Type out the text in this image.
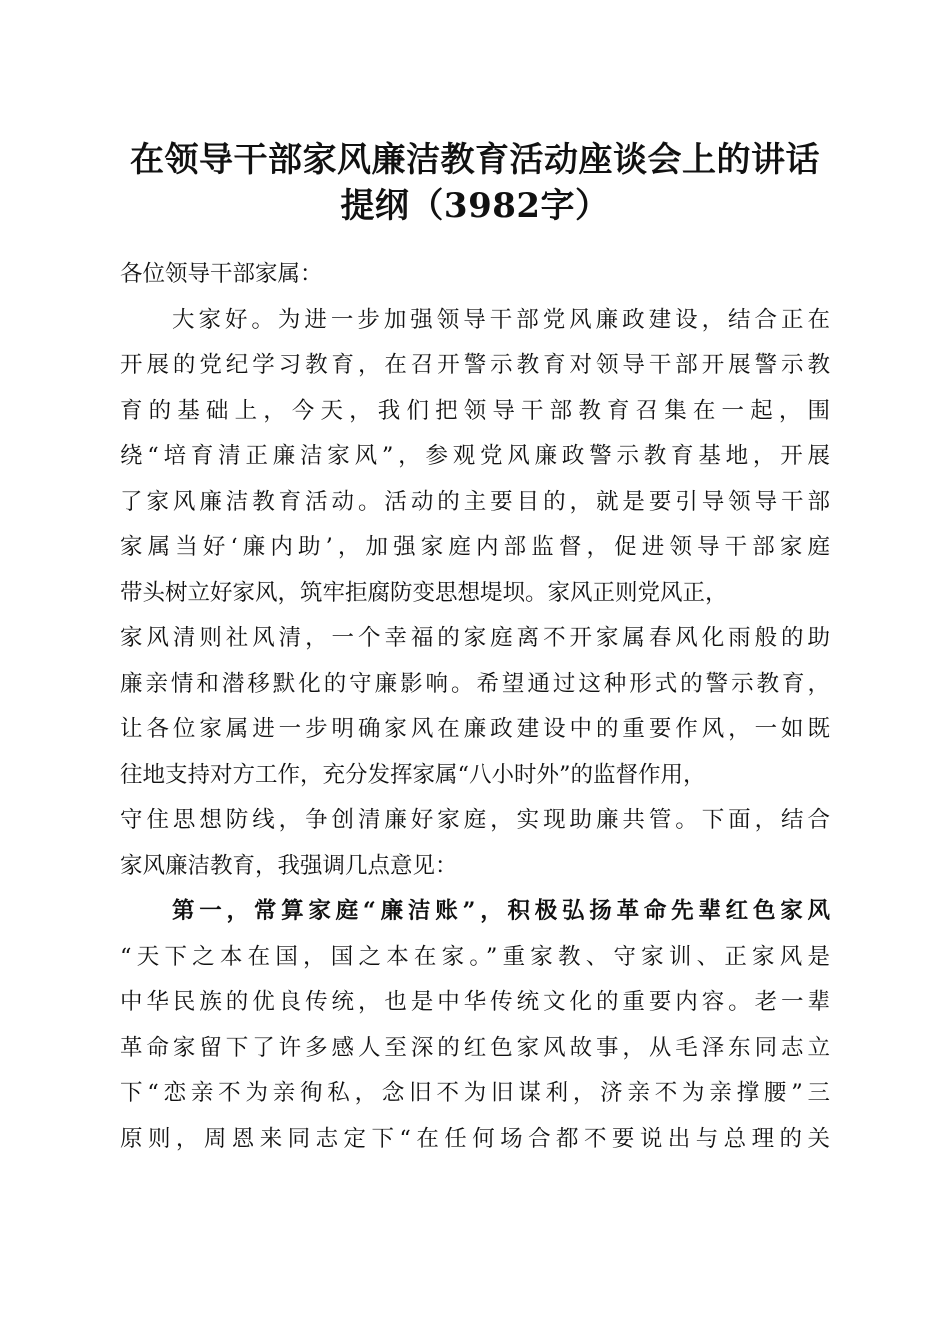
在领导干部家风廉洁教育活动座谈会上的讲话
提纲（3982字）
各位领导干部家属：
大家好。为进一步加强领导干部党风廉政建设，结合正在
开展的党纪学习教育，在召开警示教育对领导干部开展警示教
育的基础上，今天，我们把领导干部教育召集在一起，围
绕“培育清正廉洁家风”，参观党风廉政警示教育基地，开展
了家风廉洁教育活动。活动的主要目的，就是要引导领导干部
家属当好‘廉内助’，加强家庭内部监督，促进领导干部家庭
带头树立好家风，筑牢拒腐防变思想堤坝。家风正则党风正，
家风清则社风清，一个幸福的家庭离不开家属春风化雨般的助
廉亲情和潜移默化的守廉影响。希望通过这种形式的警示教育，
让各位家属进一步明确家风在廉政建设中的重要作风，一如既
往地支持对方工作，充分发挥家属“八小时外”的监督作用，
守住思想防线，争创清廉好家庭，实现助廉共管。下面，结合
家风廉洁教育，我强调几点意见：
第一，常算家庭“廉洁账”，积极弘扬革命先辈红色家风
“天下之本在国，国之本在家。”重家教、守家训、正家风是
中华民族的优良传统，也是中华传统文化的重要内容。老一辈
革命家留下了许多感人至深的红色家风故事，从毛泽东同志立
下“恋亲不为亲徇私，念旧不为旧谋利，济亲不为亲撑腰”三
原则，周恩来同志定下“在任何场合都不要说出与总理的关
